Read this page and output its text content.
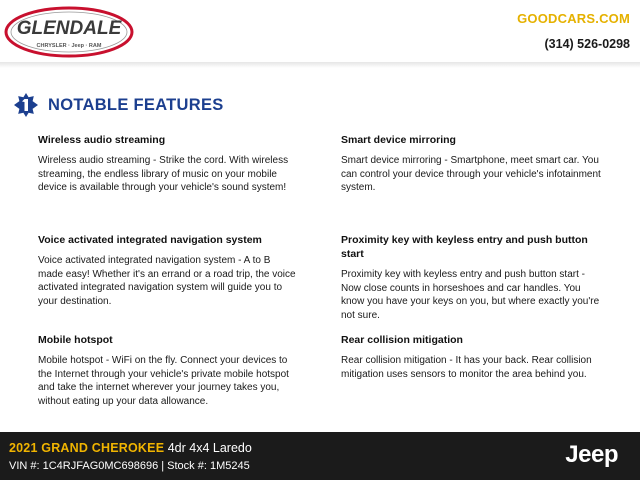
GLENDALE
CHRYSLER · Jeep · RAM
GOODCARS.COM
(314) 526-0298
NOTABLE FEATURES
Wireless audio streaming
Wireless audio streaming - Strike the cord. With wireless streaming, the endless library of music on your mobile device is available through your vehicle's sound system!
Smart device mirroring
Smart device mirroring - Smartphone, meet smart car. You can control your device through your vehicle's infotainment system.
Voice activated integrated navigation system
Voice activated integrated navigation system - A to B made easy! Whether it's an errand or a road trip, the voice activated integrated navigation system will guide you to your destination.
Proximity key with keyless entry and push button start
Proximity key with keyless entry and push button start - Now close counts in horseshoes and car handles. You know you have your keys on you, but where exactly you're not sure.
Mobile hotspot
Mobile hotspot - WiFi on the fly. Connect your devices to the Internet through your vehicle's private mobile hotspot and take the internet wherever your journey takes you, without eating up your data allowance.
Rear collision mitigation
Rear collision mitigation - It has your back. Rear collision mitigation uses sensors to monitor the area behind you.
2021 GRAND CHEROKEE 4dr 4x4 Laredo
VIN #: 1C4RJFAG0MC698696 | Stock #: 1M5245	Jeep
